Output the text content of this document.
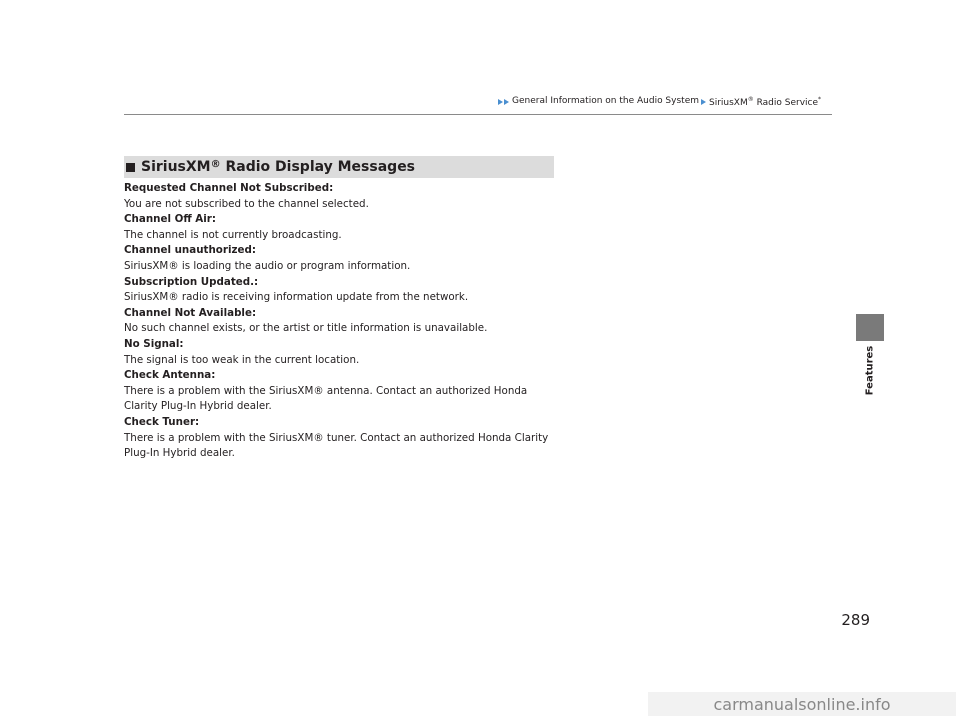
General Information on the Audio System SiriusXM® Radio Service*
Features
SiriusXM® Radio Display Messages
Requested Channel Not Subscribed:
You are not subscribed to the channel selected.
Channel Off Air:
The channel is not currently broadcasting.
Channel unauthorized:
SiriusXM® is loading the audio or program information.
Subscription Updated.:
SiriusXM® radio is receiving information update from the network.
Channel Not Available:
No such channel exists, or the artist or title information is unavailable.
No Signal:
The signal is too weak in the current location.
Check Antenna:
There is a problem with the SiriusXM® antenna. Contact an authorized Honda Clarity Plug-In Hybrid dealer.
Check Tuner:
There is a problem with the SiriusXM® tuner. Contact an authorized Honda Clarity Plug-In Hybrid dealer.
289
carmanualsonline.info
